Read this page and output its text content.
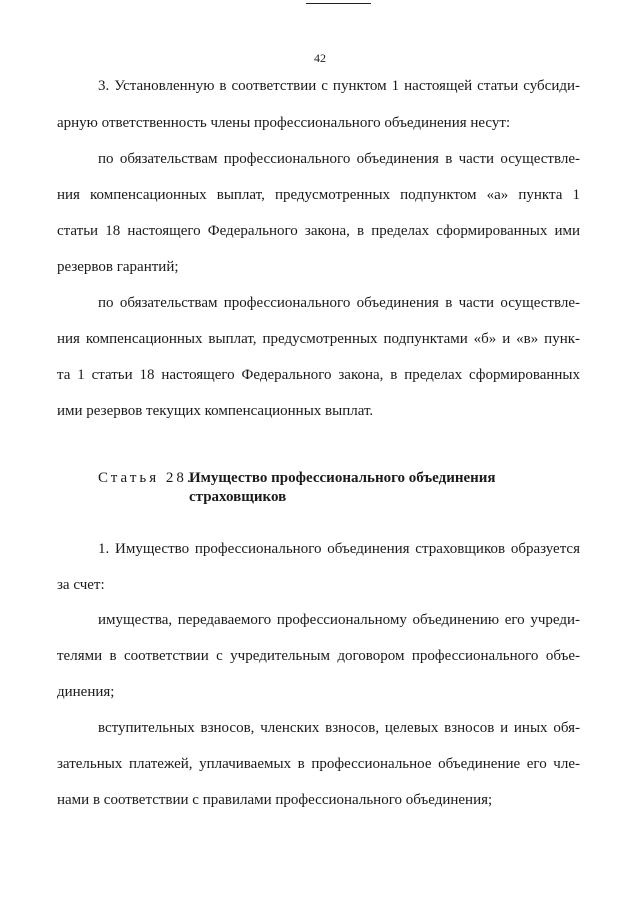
42
3. Установленную в соответствии с пунктом 1 настоящей статьи субсиди-
арную ответственность члены профессионального объединения несут:
по обязательствам профессионального объединения в части осуществле-
ния компенсационных выплат, предусмотренных подпунктом «а» пункта 1
статьи 18 настоящего Федерального закона, в пределах сформированных ими
резервов гарантий;
по обязательствам профессионального объединения в части осуществле-
ния компенсационных выплат, предусмотренных подпунктами «б» и «в» пунк-
та 1 статьи 18 настоящего Федерального закона, в пределах сформированных
ими резервов текущих компенсационных выплат.
Статья 28.
Имущество профессионального объединения
страховщиков
1. Имущество профессионального объединения страховщиков образуется
за счет:
имущества, передаваемого профессиональному объединению его учреди-
телями в соответствии с учредительным договором профессионального объе-
динения;
вступительных взносов, членских взносов, целевых взносов и иных обя-
зательных платежей, уплачиваемых в профессиональное объединение его чле-
нами в соответствии с правилами профессионального объединения;
